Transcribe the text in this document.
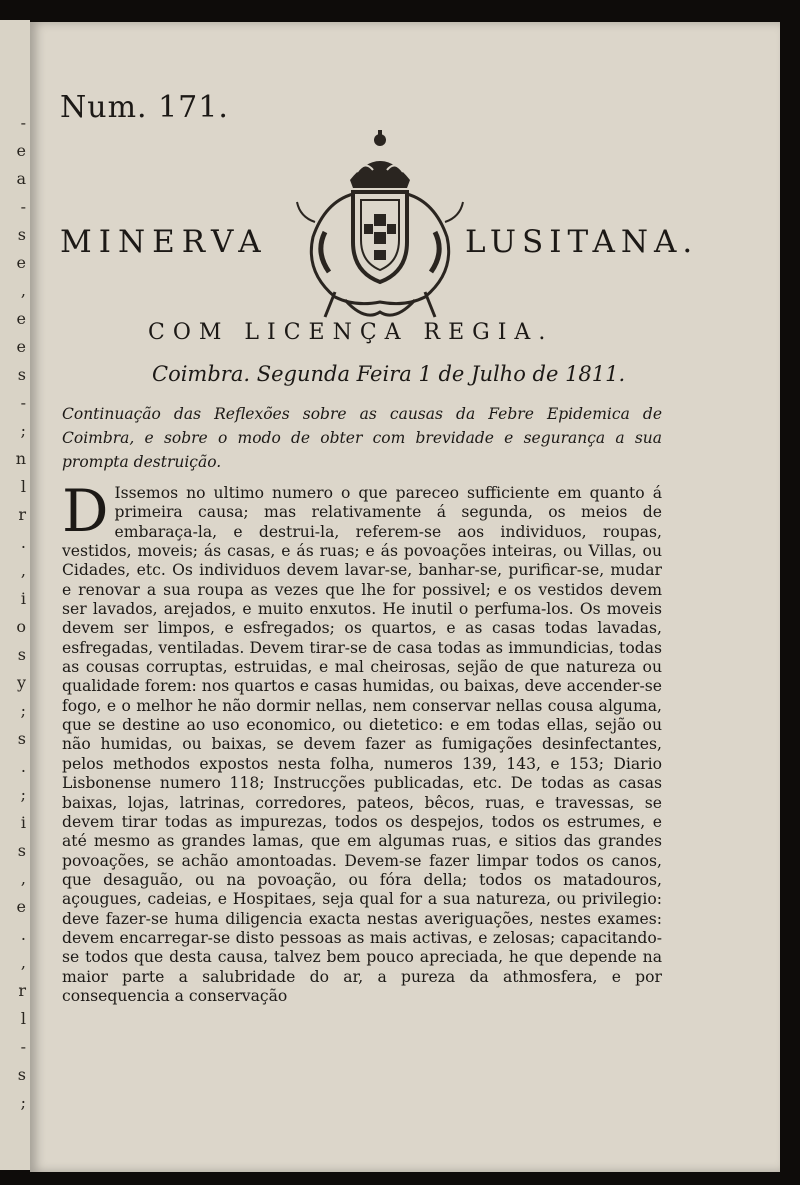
-
e
a
-
s
e
,
e
e
s
-
;
n
l
r
.
,
i
o
s
y
;
s
.
;
i
s
,
e
.
,
r
l
-
s
;
Num. 171.
MINERVA	LUSITANA.
COM LICENÇA REGIA.
Coimbra. Segunda Feira 1 de Julho de 1811.
Continuação das Reflexões sobre as causas da Febre Epidemica de Coimbra, e sobre o modo de obter com brevidade e segurança a sua prompta destruição.
D Issemos no ultimo numero o que pareceo sufficiente em quanto á primeira causa; mas relativamente á segunda, os meios de embaraça-la, e destrui-la, referem-se aos individuos, roupas, vestidos, moveis; ás casas, e ás ruas; e ás povoações inteiras, ou Villas, ou Cidades, etc. Os individuos devem lavar-se, banhar-se, purificar-se, mudar e renovar a sua roupa as vezes que lhe for possivel; e os vestidos devem ser lavados, arejados, e muito enxutos. He inutil o perfuma-los. Os moveis devem ser limpos, e esfregados; os quartos, e as casas todas lavadas, esfregadas, ventiladas. Devem tirar-se de casa todas as immundicias, todas as cousas corruptas, estruidas, e mal cheirosas, sejão de que natureza ou qualidade forem: nos quartos e casas humidas, ou baixas, deve accender-se fogo, e o melhor he não dormir nellas, nem conservar nellas cousa alguma, que se destine ao uso economico, ou dietetico: e em todas ellas, sejão ou não humidas, ou baixas, se devem fazer as fumigações desinfectantes, pelos methodos expostos nesta folha, numeros 139, 143, e 153; Diario Lisbonense numero 118; Instrucções publicadas, etc. De todas as casas baixas, lojas, latrinas, corredores, pateos, bêcos, ruas, e travessas, se devem tirar todas as impurezas, todos os despejos, todos os estrumes, e até mesmo as grandes lamas, que em algumas ruas, e sitios das grandes povoações, se achão amontoadas. Devem-se fazer limpar todos os canos, que desaguão, ou na povoação, ou fóra della; todos os matadouros, açougues, cadeias, e Hospitaes, seja qual for a sua natureza, ou privilegio: deve fazer-se huma diligencia exacta nestas averiguações, nestes exames: devem encarregar-se disto pessoas as mais activas, e zelosas; capacitando-se todos que desta causa, talvez bem pouco apreciada, he que depende na maior parte a salubridade do ar, a pureza da athmosfera, e por consequencia a conservação
